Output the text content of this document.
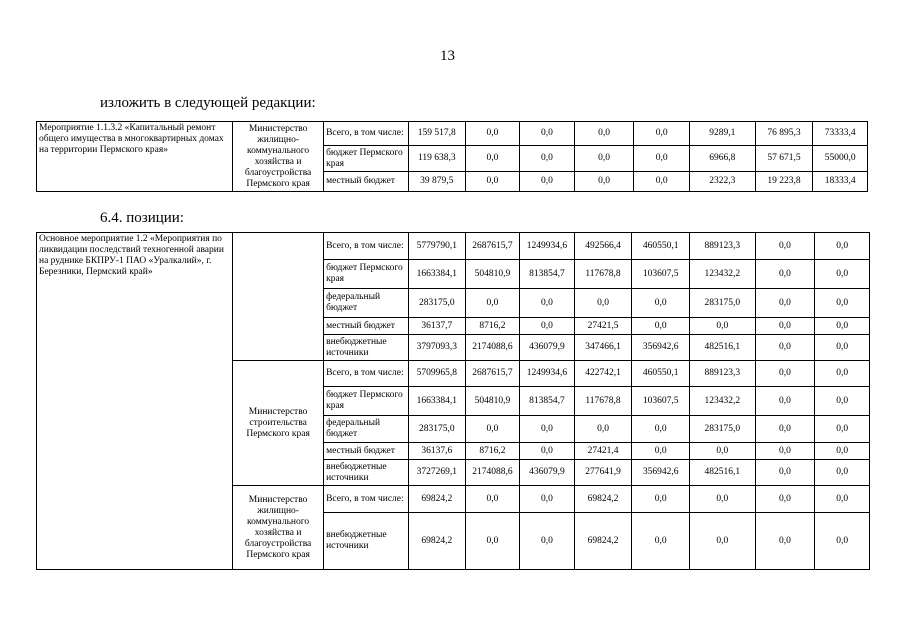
13
изложить в следующей редакции:
Мероприятие 1.1.3.2 «Капитальный ремонт общего имущества в многоквартирных домах на территории Пермского края»	Министерство жилищно-коммунального хозяйства и благоустройства Пермского края	Всего, в том числе:	159 517,8	0,0	0,0	0,0	0,0	9289,1	76 895,3	73333,4
		бюджет Пермского края	119 638,3	0,0	0,0	0,0	0,0	6966,8	57 671,5	55000,0
		местный бюджет	39 879,5	0,0	0,0	0,0	0,0	2322,3	19 223,8	18333,4
6.4. позиции:
Основное мероприятие 1.2 «Мероприятия по ликвидации последствий техногенной аварии на руднике БКПРУ-1 ПАО «Уралкалий», г. Березники, Пермский край»		Всего, в том числе:	5779790,1	2687615,7	1249934,6	492566,4	460550,1	889123,3	0,0	0,0
		бюджет Пермского края	1663384,1	504810,9	813854,7	117678,8	103607,5	123432,2	0,0	0,0
		федеральный бюджет	283175,0	0,0	0,0	0,0	0,0	283175,0	0,0	0,0
		местный бюджет	36137,7	8716,2	0,0	27421,5	0,0	0,0	0,0	0,0
		внебюджетные источники	3797093,3	2174088,6	436079,9	347466,1	356942,6	482516,1	0,0	0,0
	Министерство строительства Пермского края	Всего, в том числе:	5709965,8	2687615,7	1249934,6	422742,1	460550,1	889123,3	0,0	0,0
		бюджет Пермского края	1663384,1	504810,9	813854,7	117678,8	103607,5	123432,2	0,0	0,0
		федеральный бюджет	283175,0	0,0	0,0	0,0	0,0	283175,0	0,0	0,0
		местный бюджет	36137,6	8716,2	0,0	27421,4	0,0	0,0	0,0	0,0
		внебюджетные источники	3727269,1	2174088,6	436079,9	277641,9	356942,6	482516,1	0,0	0,0
	Министерство жилищно-коммунального хозяйства и благоустройства Пермского края	Всего, в том числе:	69824,2	0,0	0,0	69824,2	0,0	0,0	0,0	0,0
		внебюджетные источники	69824,2	0,0	0,0	69824,2	0,0	0,0	0,0	0,0
